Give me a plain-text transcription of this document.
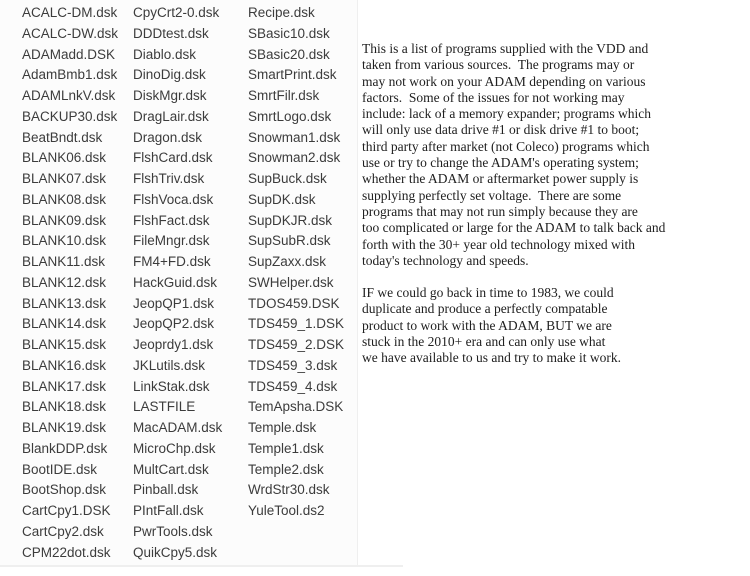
ACALC-DM.dsk
ACALC-DW.dsk
ADAMadd.DSK
AdamBmb1.dsk
ADAMLnkV.dsk
BACKUP30.dsk
BeatBndt.dsk
BLANK06.dsk
BLANK07.dsk
BLANK08.dsk
BLANK09.dsk
BLANK10.dsk
BLANK11.dsk
BLANK12.dsk
BLANK13.dsk
BLANK14.dsk
BLANK15.dsk
BLANK16.dsk
BLANK17.dsk
BLANK18.dsk
BLANK19.dsk
BlankDDP.dsk
BootIDE.dsk
BootShop.dsk
CartCpy1.DSK
CartCpy2.dsk
CPM22dot.dsk
CpyCrt2-0.dsk
DDDtest.dsk
Diablo.dsk
DinoDig.dsk
DiskMgr.dsk
DragLair.dsk
Dragon.dsk
FlshCard.dsk
FlshTriv.dsk
FlshVoca.dsk
FlshFact.dsk
FileMngr.dsk
FM4+FD.dsk
HackGuid.dsk
JeopQP1.dsk
JeopQP2.dsk
Jeoprdy1.dsk
JKLutils.dsk
LinkStak.dsk
LASTFILE
MacADAM.dsk
MicroChp.dsk
MultCart.dsk
Pinball.dsk
PIntFall.dsk
PwrTools.dsk
QuikCpy5.dsk
Recipe.dsk
SBasic10.dsk
SBasic20.dsk
SmartPrint.dsk
SmrtFilr.dsk
SmrtLogo.dsk
Snowman1.dsk
Snowman2.dsk
SupBuck.dsk
SupDK.dsk
SupDKJR.dsk
SupSubR.dsk
SupZaxx.dsk
SWHelper.dsk
TDOS459.DSK
TDS459_1.DSK
TDS459_2.DSK
TDS459_3.dsk
TDS459_4.dsk
TemApsha.DSK
Temple.dsk
Temple1.dsk
Temple2.dsk
WrdStr30.dsk
YuleTool.ds2
This is a list of programs supplied with the VDD and
taken from various sources.  The programs may or
may not work on your ADAM depending on various
factors.  Some of the issues for not working may
include: lack of a memory expander; programs which
will only use data drive #1 or disk drive #1 to boot;
third party after market (not Coleco) programs which
use or try to change the ADAM's operating system;
whether the ADAM or aftermarket power supply is
supplying perfectly set voltage.  There are some
programs that may not run simply because they are
too complicated or large for the ADAM to talk back and
forth with the 30+ year old technology mixed with
today's technology and speeds.
IF we could go back in time to 1983, we could
duplicate and produce a perfectly compatable
product to work with the ADAM, BUT we are
stuck in the 2010+ era and can only use what
we have available to us and try to make it work.
